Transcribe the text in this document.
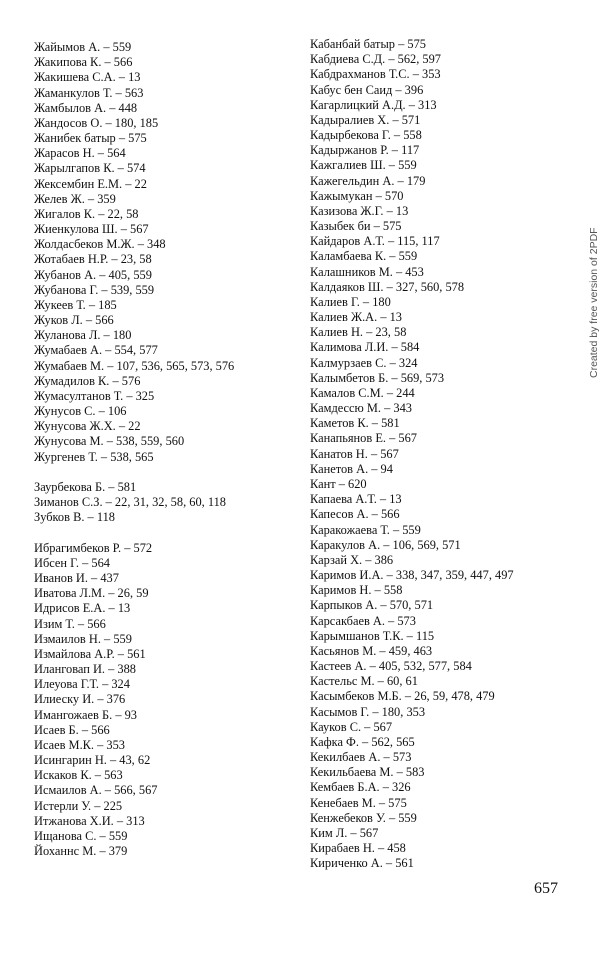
Жайымов А. – 559
Жакипова К. – 566
Жакишева С.А. – 13
Жаманкулов Т. – 563
Жамбылов А. – 448
Жандосов О. – 180, 185
Жанибек батыр – 575
Жарасов Н. – 564
Жарылгапов К. – 574
Жексембин Е.М. – 22
Желев Ж. – 359
Жигалов К. – 22, 58
Жиенкулова Ш. – 567
Жолдасбеков М.Ж. – 348
Жотабаев Н.Р. – 23, 58
Жубанов А. – 405, 559
Жубанова Г. – 539, 559
Жукеев Т. – 185
Жуков Л. – 566
Жуланова Л. – 180
Жумабаев А. – 554, 577
Жумабаев М. – 107, 536, 565, 573, 576
Жумадилов К. – 576
Жумасултанов Т. – 325
Жунусов С. – 106
Жунусова Ж.Х. – 22
Жунусова М. – 538, 559, 560
Жургенев Т. – 538, 565
Заурбекова Б. – 581
Зиманов С.З. – 22, 31, 32, 58, 60, 118
Зубков В. – 118
Ибрагимбеков Р. – 572
Ибсен Г. – 564
Иванов И. – 437
Иватова Л.М. – 26, 59
Идрисов Е.А. – 13
Изим Т. – 566
Измаилов Н. – 559
Измайлова А.Р. – 561
Иланговап И. – 388
Илеуова Г.Т. – 324
Илиеску И. – 376
Имангожаев Б. – 93
Исаев Б. – 566
Исаев М.К. – 353
Исингарин Н. – 43, 62
Искаков К. – 563
Исмаилов А. – 566, 567
Истерли У. – 225
Итжанова Х.И. – 313
Ищанова С. – 559
Йоханнс М. – 379
Кабанбай батыр – 575
Кабдиева С.Д. – 562, 597
Кабдрахманов Т.С. – 353
Кабус бен Саид – 396
Кагарлицкий А.Д. – 313
Кадыралиев Х. – 571
Кадырбекова Г. – 558
Кадыржанов Р. – 117
Кажгалиев Ш. – 559
Кажегельдин А. – 179
Кажымукан – 570
Казизова Ж.Г. – 13
Казыбек би – 575
Кайдаров А.Т. – 115, 117
Каламбаева К. – 559
Калашников М. – 453
Калдаяков Ш. – 327, 560, 578
Калиев Г. – 180
Калиев Ж.А. – 13
Калиев Н. – 23, 58
Калимова Л.И. – 584
Калмурзаев С. – 324
Калымбетов Б. – 569, 573
Камалов С.М. – 244
Камдессю М. – 343
Каметов К. – 581
Канапьянов Е. – 567
Канатов Н. – 567
Канетов А. – 94
Кант – 620
Капаева А.Т. – 13
Капесов А. – 566
Каракожаева Т. – 559
Каракулов А. – 106, 569, 571
Карзай Х. – 386
Каримов И.А. – 338, 347, 359, 447, 497
Каримов Н. – 558
Карпыков А. – 570, 571
Карсакбаев А. – 573
Карымшанов Т.К. – 115
Касьянов М. – 459, 463
Кастеев А. – 405, 532, 577, 584
Кастельс М. – 60, 61
Касымбеков М.Б. – 26, 59, 478, 479
Касымов Г. – 180, 353
Кауков С. – 567
Кафка Ф. – 562, 565
Кекилбаев А. – 573
Кекильбаева М. – 583
Кембаев Б.А. – 326
Кенебаев М. – 575
Кенжебеков У. – 559
Ким Л. – 567
Кирабаев Н. – 458
Кириченко А. – 561
657
Created by free version of 2PDF
